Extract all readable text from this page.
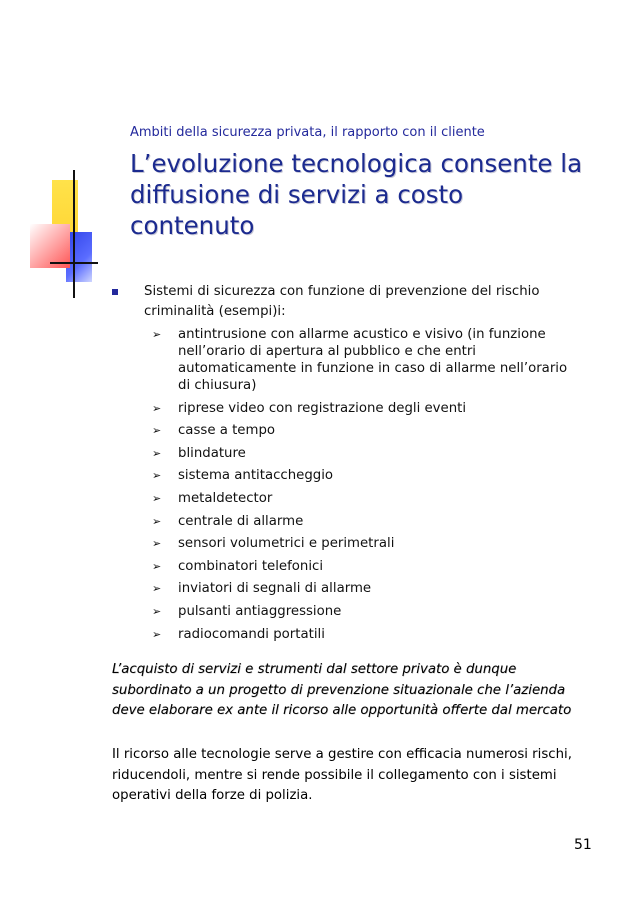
Ambiti della sicurezza privata, il rapporto con il cliente
L’evoluzione tecnologica consente la diffusione di servizi a costo contenuto
Sistemi di sicurezza con funzione di prevenzione del rischio criminalità (esempi)i:
➢ antintrusione con allarme acustico e visivo (in funzione nell’orario di apertura al pubblico e che entri automaticamente in funzione in caso di allarme nell’orario di chiusura)
➢ riprese video con registrazione degli eventi
➢ casse a tempo
➢ blindature
➢ sistema antitaccheggio
➢ metaldetector
➢ centrale di allarme
➢ sensori volumetrici e perimetrali
➢ combinatori telefonici
➢ inviatori di segnali di allarme
➢ pulsanti antiaggressione
➢ radiocomandi portatili
L’acquisto di servizi e strumenti dal settore privato è dunque subordinato a un progetto di prevenzione situazionale che l’azienda deve elaborare ex ante il ricorso alle opportunità offerte dal mercato
Il ricorso alle tecnologie serve a gestire con efficacia numerosi rischi, riducendoli, mentre si rende possibile il collegamento con i sistemi operativi della forze di polizia.
51
